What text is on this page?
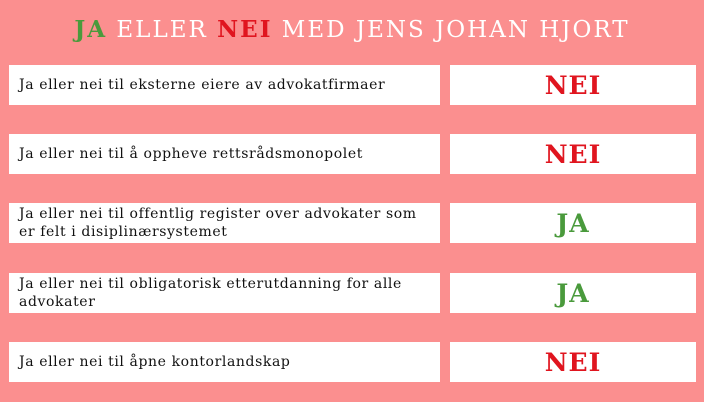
JA ELLER NEI MED JENS JOHAN HJORT
Ja eller nei til eksterne eiere av advokatfirmaer	NEI
Ja eller nei til å oppheve rettsrådsmonopolet	NEI
Ja eller nei til offentlig register over advokater som er felt i disiplinærsystemet	JA
Ja eller nei til obligatorisk etterutdanning for alle advokater	JA
Ja eller nei til åpne kontorlandskap	NEI
